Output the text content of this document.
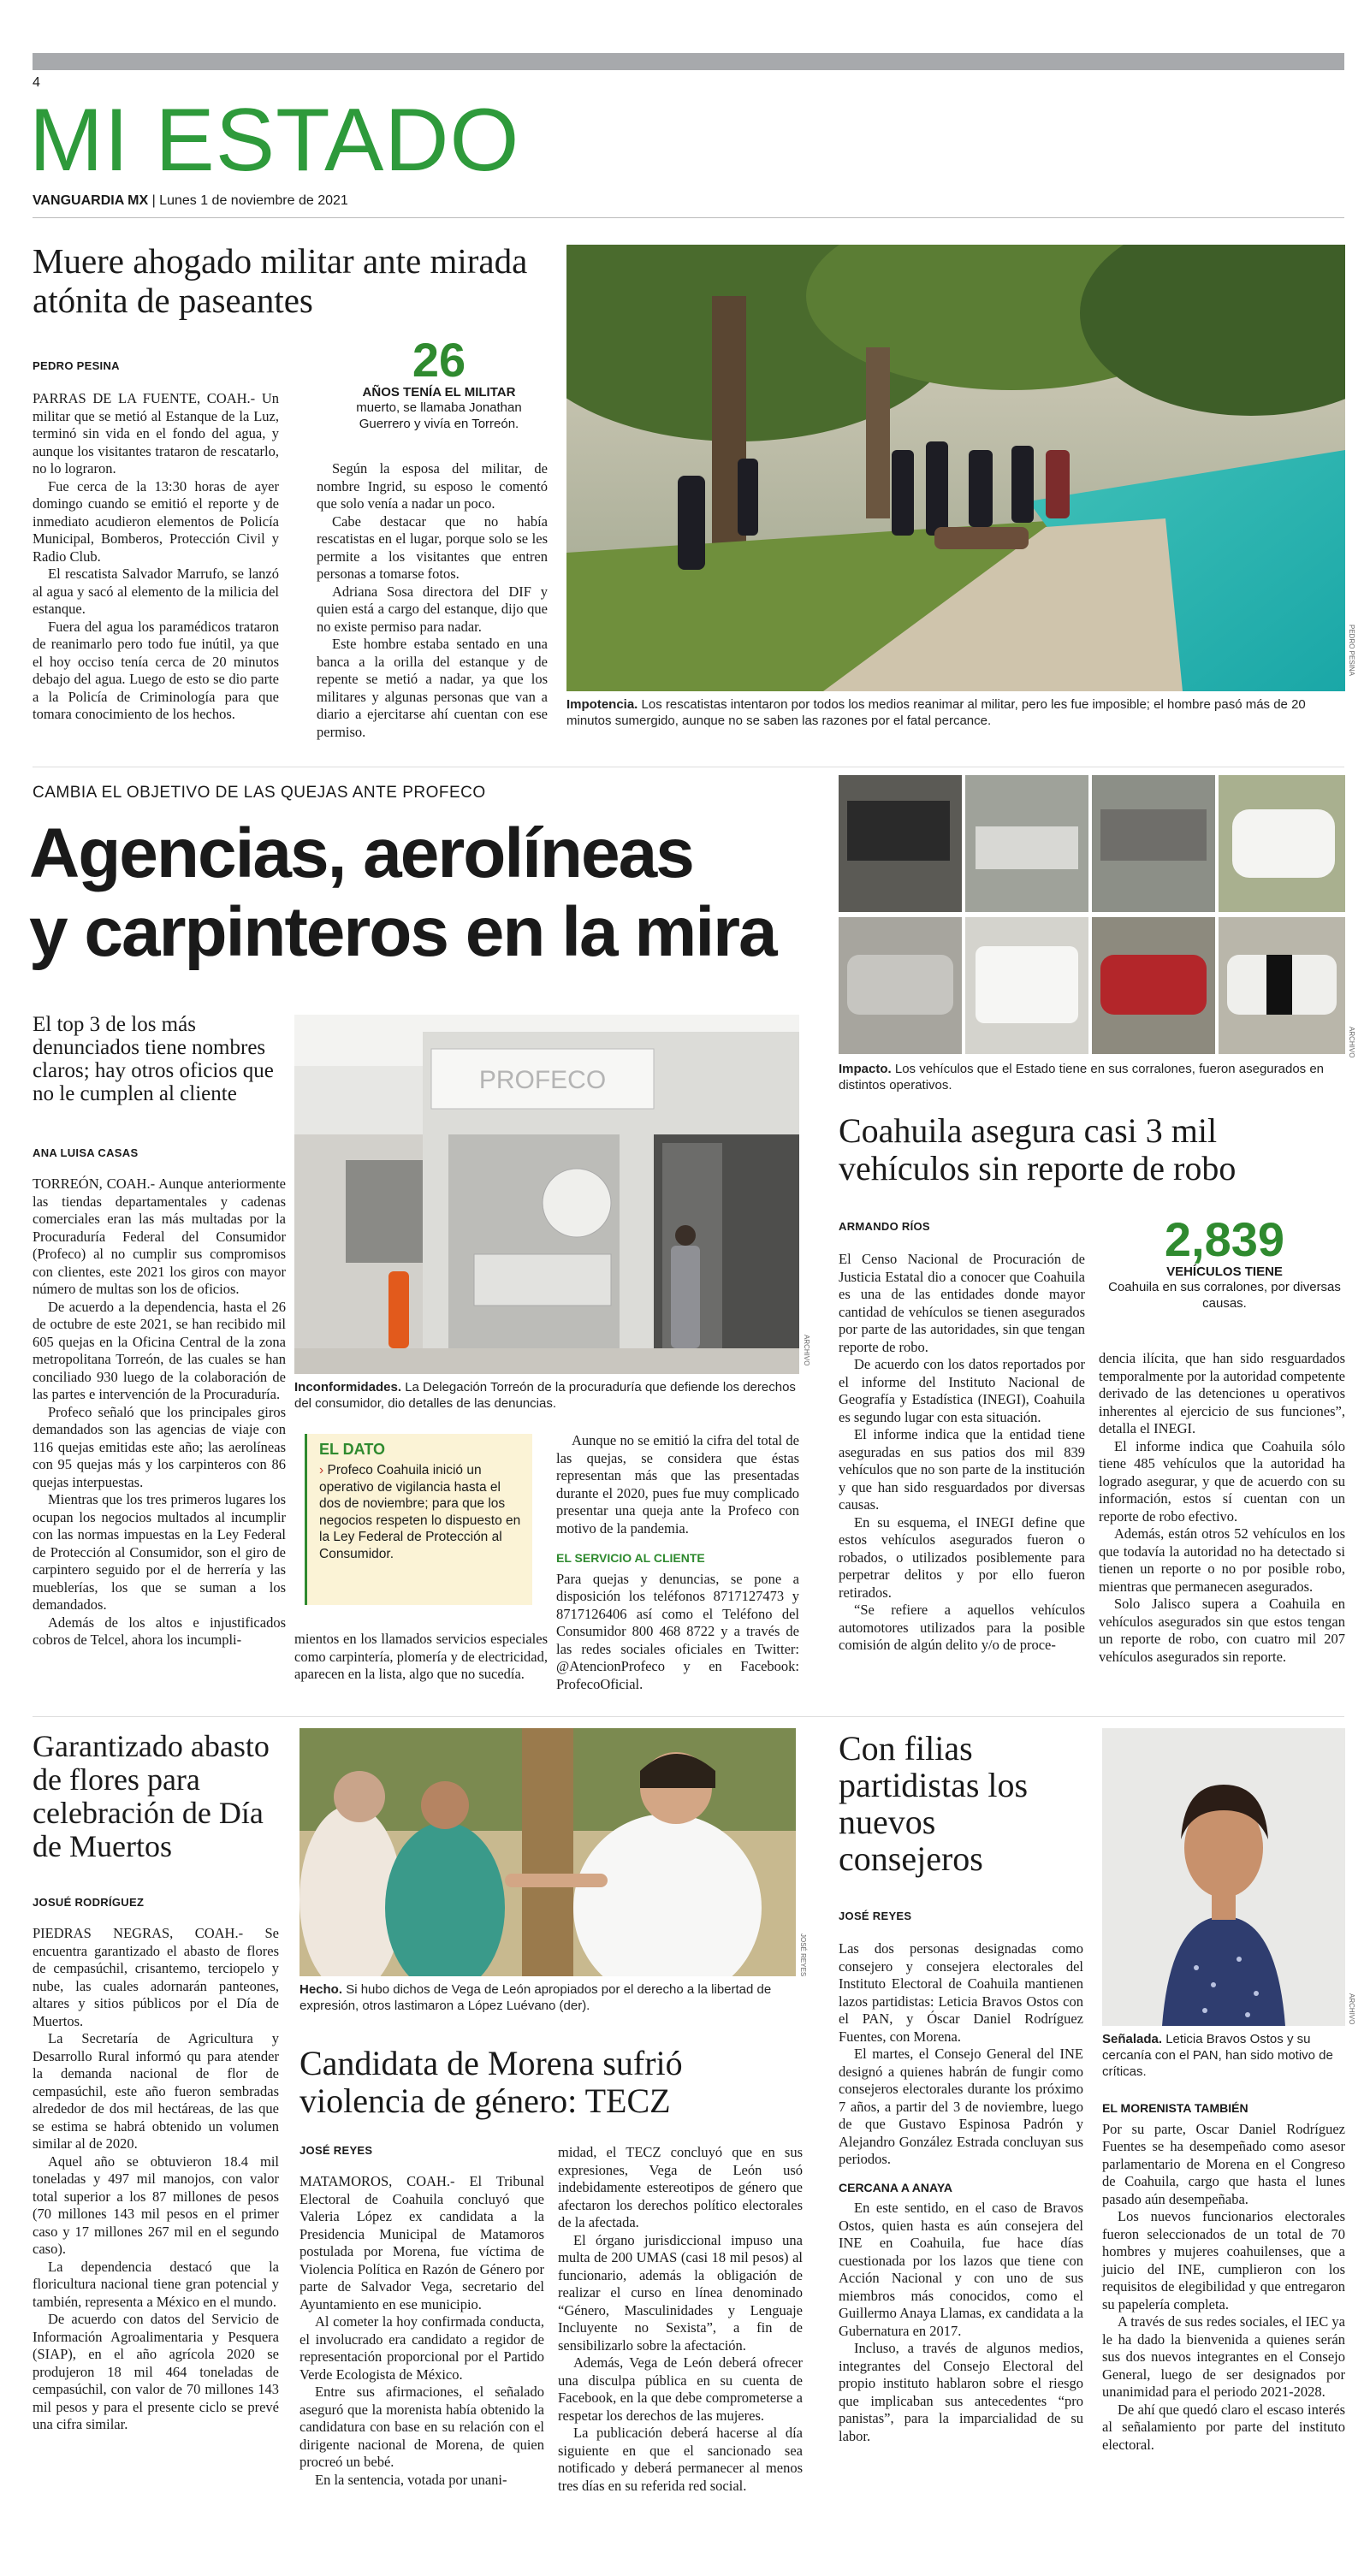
4
MI ESTADO
VANGUARDIA MX | Lunes 1 de noviembre de 2021
Muere ahogado militar ante mirada atónita de paseantes
PEDRO PESINA	26
AÑOS TENÍA EL MILITAR
muerto, se llamaba Jonathan Guerrero y vivía en Torreón.

PARRAS DE LA FUENTE, COAH.- Un militar que se metió al Estanque de la Luz, terminó sin vida en el fondo del agua, y aunque los visitantes trataron de rescatarlo, no lo lograron.

Fue cerca de la 13:30 horas de ayer domingo cuando se emitió el reporte y de inmediato acudieron elementos de Policía Municipal, Bomberos, Protección Civil y Radio Club.

El rescatista Salvador Marrufo, se lanzó al agua y sacó al elemento de la milicia del estanque.

Fuera del agua los paramédicos trataron de reanimarlo pero todo fue inútil, ya que el hoy occiso tenía cerca de 20 minutos debajo del agua. Luego de esto se dio parte a la Policía de Criminología para que tomara conocimiento de los hechos.

Según la esposa del militar, de nombre Ingrid, su esposo le comentó que solo venía a nadar un poco.

Cabe destacar que no había rescatistas en el lugar, porque solo se les permite a los visitantes que entren personas a tomarse fotos.

Adriana Sosa directora del DIF y quien está a cargo del estanque, dijo que no existe permiso para nadar.

Este hombre estaba sentado en una banca a la orilla del estanque y de repente se metió a nadar, ya que los militares y algunas personas que van a diario a ejercitarse ahí cuentan con ese permiso.

PEDRO PESINA
Impotencia. Los rescatistas intentaron por todos los medios reanimar al militar, pero les fue imposible; el hombre pasó más de 20 minutos sumergido, aunque no se saben las razones por el fatal percance.
CAMBIA EL OBJETIVO DE LAS QUEJAS ANTE PROFECO
Agencias, aerolíneas
y carpinteros en la mira
El top 3 de los más denunciados tiene nombres claros; hay otros oficios que no le cumplen al cliente
ANA LUISA CASAS

TORREÓN, COAH.- Aunque anteriormente las tiendas departamentales y cadenas comerciales eran las más multadas por la Procuraduría Federal del Consumidor (Profeco) al no cumplir sus compromisos con clientes, este 2021 los giros con mayor número de multas son los de oficios.

De acuerdo a la dependencia, hasta el 26 de octubre de este 2021, se han recibido mil 605 quejas en la Oficina Central de la zona metropolitana Torreón, de las cuales se han conciliado 930 luego de la colaboración de las partes e intervención de la Procuraduría.

Profeco señaló que los principales giros demandados son las agencias de viaje con 116 quejas emitidas este año; las aerolíneas con 95 quejas más y los carpinteros con 86 quejas interpuestas.

Mientras que los tres primeros lugares los ocupan los negocios multados al incumplir con las normas impuestas en la Ley Federal de Protección al Consumidor, son el giro de carpintero seguido por el de herrería y las mueblerías, los que se suman a los demandados.

Además de los altos e injustificados cobros de Telcel, ahora los incumpli-

PROFECO
ARCHIVO
Inconformidades. La Delegación Torreón de la procuraduría que defiende los derechos del consumidor, dio detalles de las denuncias.
EL DATO
› Profeco Coahuila inició un operativo de vigilancia hasta el dos de noviembre; para que los negocios respeten lo dispuesto en la Ley Federal de Protección al Consumidor.

mientos en los llamados servicios especiales como carpintería, plomería y de electricidad, aparecen en la lista, algo que no sucedía.

Aunque no se emitió la cifra del total de las quejas, se considera que éstas representan más que las presentadas durante el 2020, pues fue muy complicado presentar una queja ante la Profeco con motivo de la pandemia.

EL SERVICIO AL CLIENTE

Para quejas y denuncias, se pone a disposición los teléfonos 8717127473 y 8717126406 así como el Teléfono del Consumidor 800 468 8722 y a través de las redes sociales oficiales en Twitter: @AtencionProfeco y en Facebook: ProfecoOficial.

ARCHIVO
Impacto. Los vehículos que el Estado tiene en sus corralones, fueron asegurados en distintos operativos.
Coahuila asegura casi 3 mil vehículos sin reporte de robo
ARMANDO RÍOS	2,839
VEHÍCULOS TIENE
Coahuila en sus corralones, por diversas causas.

El Censo Nacional de Procuración de Justicia Estatal dio a conocer que Coahuila es una de las entidades donde mayor cantidad de vehículos se tienen asegurados por parte de las autoridades, sin que tengan reporte de robo.

De acuerdo con los datos reportados por el informe del Instituto Nacional de Geografía y Estadística (INEGI), Coahuila es segundo lugar con esta situación.

El informe indica que la entidad tiene aseguradas en sus patios dos mil 839 vehículos que no son parte de la institución y que han sido resguardados por diversas causas.

En su esquema, el INEGI define que estos vehículos asegurados fueron o robados, o utilizados posiblemente para perpetrar delitos y por ello fueron retirados.

“Se refiere a aquellos vehículos automotores utilizados para la posible comisión de algún delito y/o de proce-

dencia ilícita, que han sido resguardados temporalmente por la autoridad competente derivado de las detenciones u operativos inherentes al ejercicio de sus funciones”, detalla el INEGI.

El informe indica que Coahuila sólo tiene 485 vehículos que la autoridad ha logrado asegurar, y que de acuerdo con su información, estos sí cuentan con un reporte de robo efectivo.

Además, están otros 52 vehículos en los que todavía la autoridad no ha detectado si tienen un reporte o no por posible robo, mientras que permanecen asegurados.

Solo Jalisco supera a Coahuila en vehículos asegurados sin que estos tengan un reporte de robo, con cuatro mil 207 vehículos asegurados sin reporte.

Garantizado abasto de flores para celebración de Día de Muertos
JOSUÉ RODRÍGUEZ

PIEDRAS NEGRAS, COAH.- Se encuentra garantizado el abasto de flores de cempasúchil, crisantemo, terciopelo y nube, las cuales adornarán panteones, altares y sitios públicos por el Día de Muertos.

La Secretaría de Agricultura y Desarrollo Rural informó qu para atender la demanda nacional de flor de cempasúchil, este año fueron sembradas alrededor de dos mil hectáreas, de las que se estima se habrá obtenido un volumen similar al de 2020.

Aquel año se obtuvieron 18.4 mil toneladas y 497 mil manojos, con valor total superior a los 87 millones de pesos (70 millones 143 mil pesos en el primer caso y 17 millones 267 mil en el segundo caso).

La dependencia destacó que la floricultura nacional tiene gran potencial y también, representa a México en el mundo.

De acuerdo con datos del Servicio de Información Agroalimentaria y Pesquera (SIAP), en el año agrícola 2020 se produjeron 18 mil 464 toneladas de cempasúchil, con valor de 70 millones 143 mil pesos y para el presente ciclo se prevé una cifra similar.

JOSÉ REYES
Hecho. Si hubo dichos de Vega de León apropiados por el derecho a la libertad de expresión, otros lastimaron a López Luévano (der).
Candidata de Morena sufrió violencia de género: TECZ
JOSÉ REYES

MATAMOROS, COAH.- El Tribunal Electoral de Coahuila concluyó que Valeria López ex candidata a la Presidencia Municipal de Matamoros postulada por Morena, fue víctima de Violencia Política en Razón de Género por parte de Salvador Vega, secretario del Ayuntamiento en ese municipio.

Al cometer la hoy confirmada conducta, el involucrado era candidato a regidor de representación proporcional por el Partido Verde Ecologista de México.

Entre sus afirmaciones, el señalado aseguró que la morenista había obtenido la candidatura con base en su relación con el dirigente nacional de Morena, de quien procreó un bebé.

En la sentencia, votada por unani-

midad, el TECZ concluyó que en sus expresiones, Vega de León usó indebidamente estereotipos de género que afectaron los derechos político electorales de la afectada.

El órgano jurisdiccional impuso una multa de 200 UMAS (casi 18 mil pesos) al funcionario, además la obligación de realizar el curso en línea denominado “Género, Masculinidades y Lenguaje Incluyente no Sexista”, a fin de sensibilizarlo sobre la afectación.

Además, Vega de León deberá ofrecer una disculpa pública en su cuenta de Facebook, en la que debe comprometerse a respetar los derechos de las mujeres.

La publicación deberá hacerse al día siguiente en que el sancionado sea notificado y deberá permanecer al menos tres días en su referida red social.

Con filias partidistas los nuevos consejeros
JOSÉ REYES

Las dos personas designadas como consejero y consejera electorales del Instituto Electoral de Coahuila mantienen lazos partidistas: Leticia Bravos Ostos con el PAN, y Óscar Daniel Rodríguez Fuentes, con Morena.

El martes, el Consejo General del INE designó a quienes habrán de fungir como consejeros electorales durante los próximo 7 años, a partir del 3 de noviembre, luego de que Gustavo Espinosa Padrón y Alejandro González Estrada concluyan sus periodos.

CERCANA A ANAYA

En este sentido, en el caso de Bravos Ostos, quien hasta es aún consejera del INE en Coahuila, fue hace días cuestionada por los lazos que tiene con Acción Nacional y con uno de sus miembros más conocidos, como el Guillermo Anaya Llamas, ex candidata a la Gubernatura en 2017.

Incluso, a través de algunos medios, integrantes del Consejo Electoral del propio instituto hablaron sobre el riesgo que implicaban sus antecedentes “pro panistas”, para la imparcialidad de su labor.

ARCHIVO
Señalada. Leticia Bravos Ostos y su cercanía con el PAN, han sido motivo de críticas.
EL MORENISTA TAMBIÉN

Por su parte, Oscar Daniel Rodríguez Fuentes se ha desempeñado como asesor parlamentario de Morena en el Congreso de Coahuila, cargo que hasta el lunes pasado aún desempeñaba.

Los nuevos funcionarios electorales fueron seleccionados de un total de 70 hombres y mujeres coahuilenses, que a juicio del INE, cumplieron con los requisitos de elegibilidad y que entregaron su papelería completa.

A través de sus redes sociales, el IEC ya le ha dado la bienvenida a quienes serán sus dos nuevos integrantes en el Consejo General, luego de ser designados por unanimidad para el periodo 2021-2028.

De ahí que quedó claro el escaso interés al señalamiento por parte del instituto electoral.
